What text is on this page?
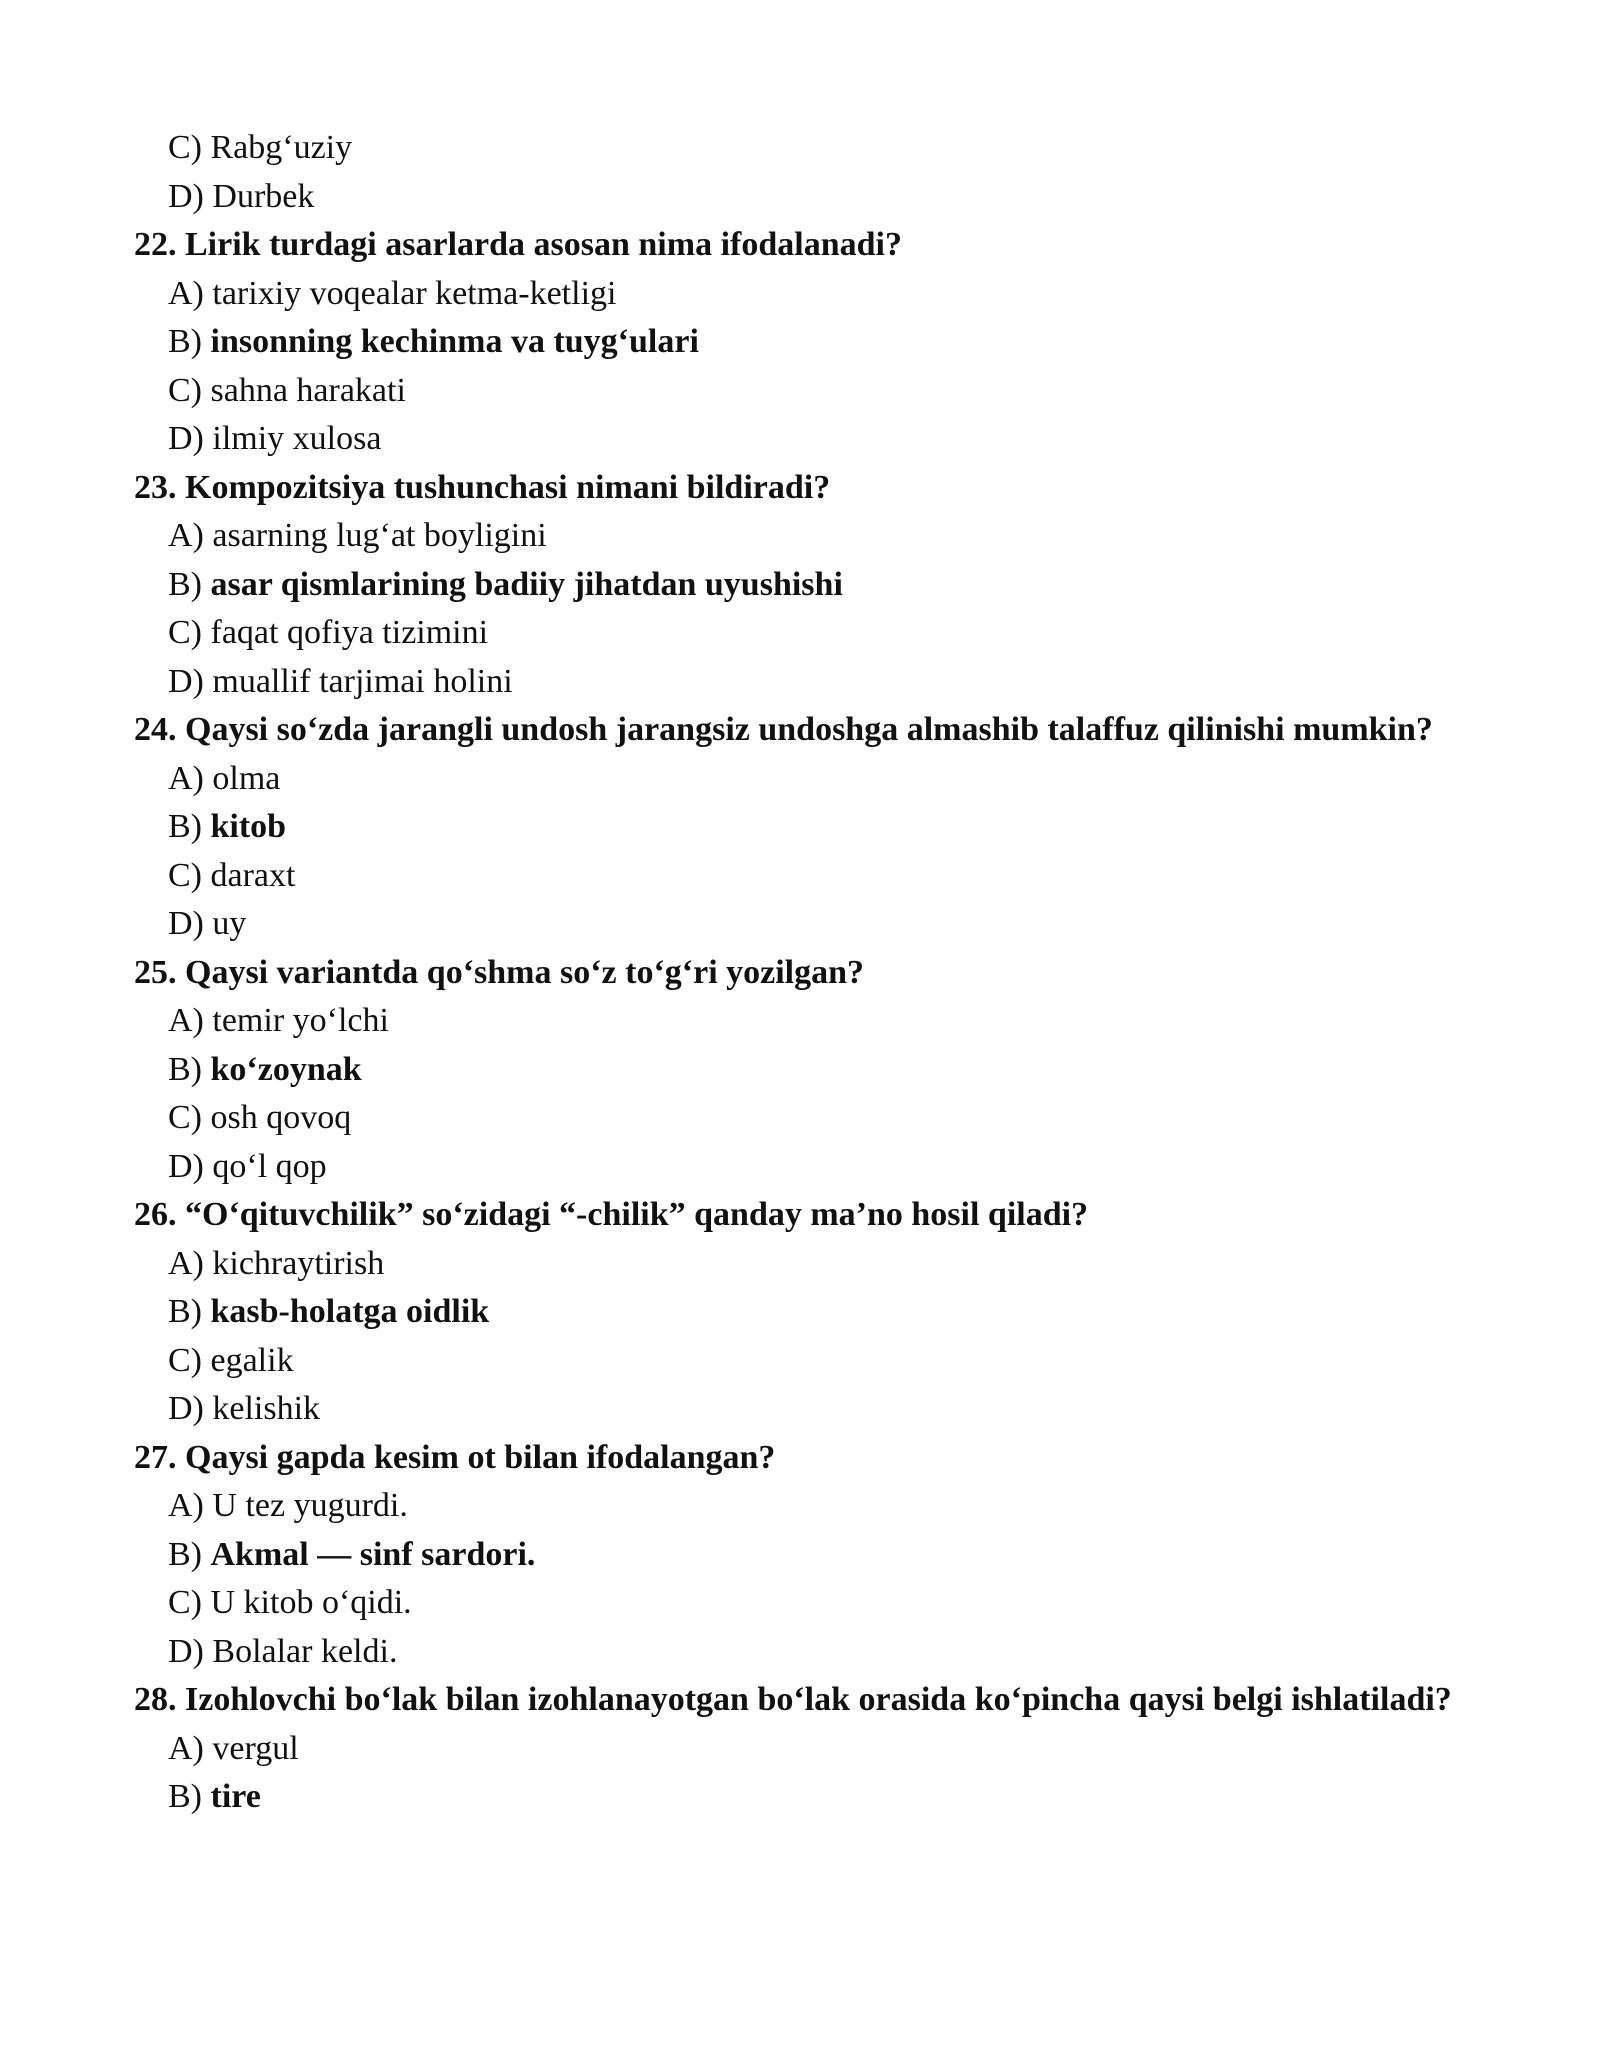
C) Rabg‘uziy

D) Durbek

22. Lirik turdagi asarlarda asosan nima ifodalanadi?

A) tarixiy voqealar ketma-ketligi

B) insonning kechinma va tuyg‘ulari

C) sahna harakati

D) ilmiy xulosa

23. Kompozitsiya tushunchasi nimani bildiradi?

A) asarning lug‘at boyligini

B) asar qismlarining badiiy jihatdan uyushishi

C) faqat qofiya tizimini

D) muallif tarjimai holini

24. Qaysi so‘zda jarangli undosh jarangsiz undoshga almashib talaffuz qilinishi mumkin?

A) olma

B) kitob

C) daraxt

D) uy

25. Qaysi variantda qo‘shma so‘z to‘g‘ri yozilgan?

A) temir yo‘lchi

B) ko‘zoynak

C) osh qovoq

D) qo‘l qop

26. “O‘qituvchilik” so‘zidagi “-chilik” qanday ma’no hosil qiladi?

A) kichraytirish

B) kasb-holatga oidlik

C) egalik

D) kelishik

27. Qaysi gapda kesim ot bilan ifodalangan?

A) U tez yugurdi.

B) Akmal — sinf sardori.

C) U kitob o‘qidi.

D) Bolalar keldi.

28. Izohlovchi bo‘lak bilan izohlanayotgan bo‘lak orasida ko‘pincha qaysi belgi ishlatiladi?

A) vergul

B) tire
